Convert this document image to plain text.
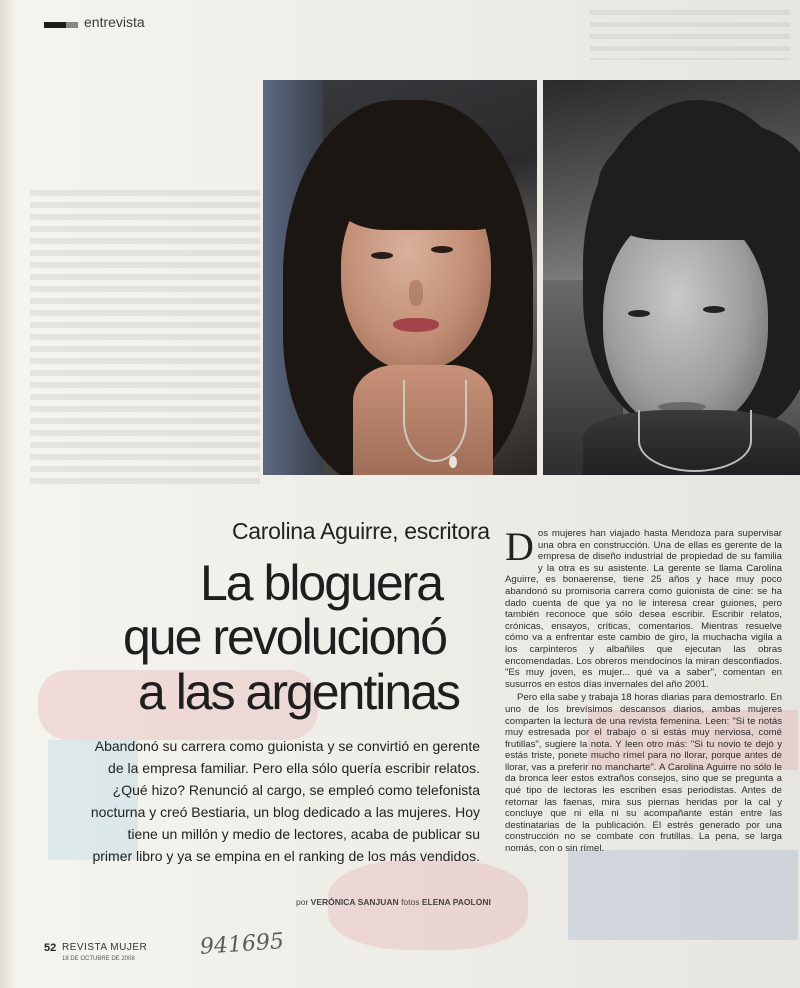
entrevista
Carolina Aguirre, escritora
La bloguera
que revolucionó
a las argentinas
Abandonó su carrera como guionista y se convirtió en gerente de la empresa familiar. Pero ella sólo quería escribir relatos. ¿Qué hizo? Renunció al cargo, se empleó como telefonista nocturna y creó Bestiaria, un blog dedicado a las mujeres. Hoy tiene un millón y medio de lectores, acaba de publicar su primer libro y ya se empina en el ranking de los más vendidos.
por VERÓNICA SANJUAN fotos ELENA PAOLONI

Dos mujeres han viajado hasta Mendoza para supervisar una obra en construcción. Una de ellas es gerente de la empresa de diseño industrial de propiedad de su familia y la otra es su asistente. La gerente se llama Carolina Aguirre, es bonaerense, tiene 25 años y hace muy poco abandonó su promisoria carrera como guionista de cine: se ha dado cuenta de que ya no le interesa crear guiones, pero también reconoce que sólo desea escribir. Escribir relatos, crónicas, ensayos, críticas, comentarios. Mientras resuelve cómo va a enfrentar este cambio de giro, la muchacha vigila a los carpinteros y albañiles que ejecutan las obras encomendadas. Los obreros mendocinos la miran desconfiados. "Es muy joven, es mujer... qué va a saber", comentan en susurros en estos días invernales del año 2001.

Pero ella sabe y trabaja 18 horas diarias para demostrarlo. En uno de los brevísimos descansos diarios, ambas mujeres comparten la lectura de una revista femenina. Leen: "Si te notás muy estresada por el trabajo o si estás muy nerviosa, comé frutillas", sugiere la nota. Y leen otro más: "Si tu novio te dejó y estás triste, ponete mucho rímel para no llorar, porque antes de llorar, vas a preferir no mancharte". A Carolina Aguirre no sólo le da bronca leer estos extraños consejos, sino que se pregunta a qué tipo de lectoras les escriben esas periodistas. Antes de retomar las faenas, mira sus piernas heridas por la cal y concluye que ni ella ni su acompañante están entre las destinatarias de la publicación. El estrés generado por una construcción no se combate con frutillas. La pena, se larga nomás, con o sin rímel.

52 REVISTA MUJER
18 DE OCTUBRE DE 2008	941695
